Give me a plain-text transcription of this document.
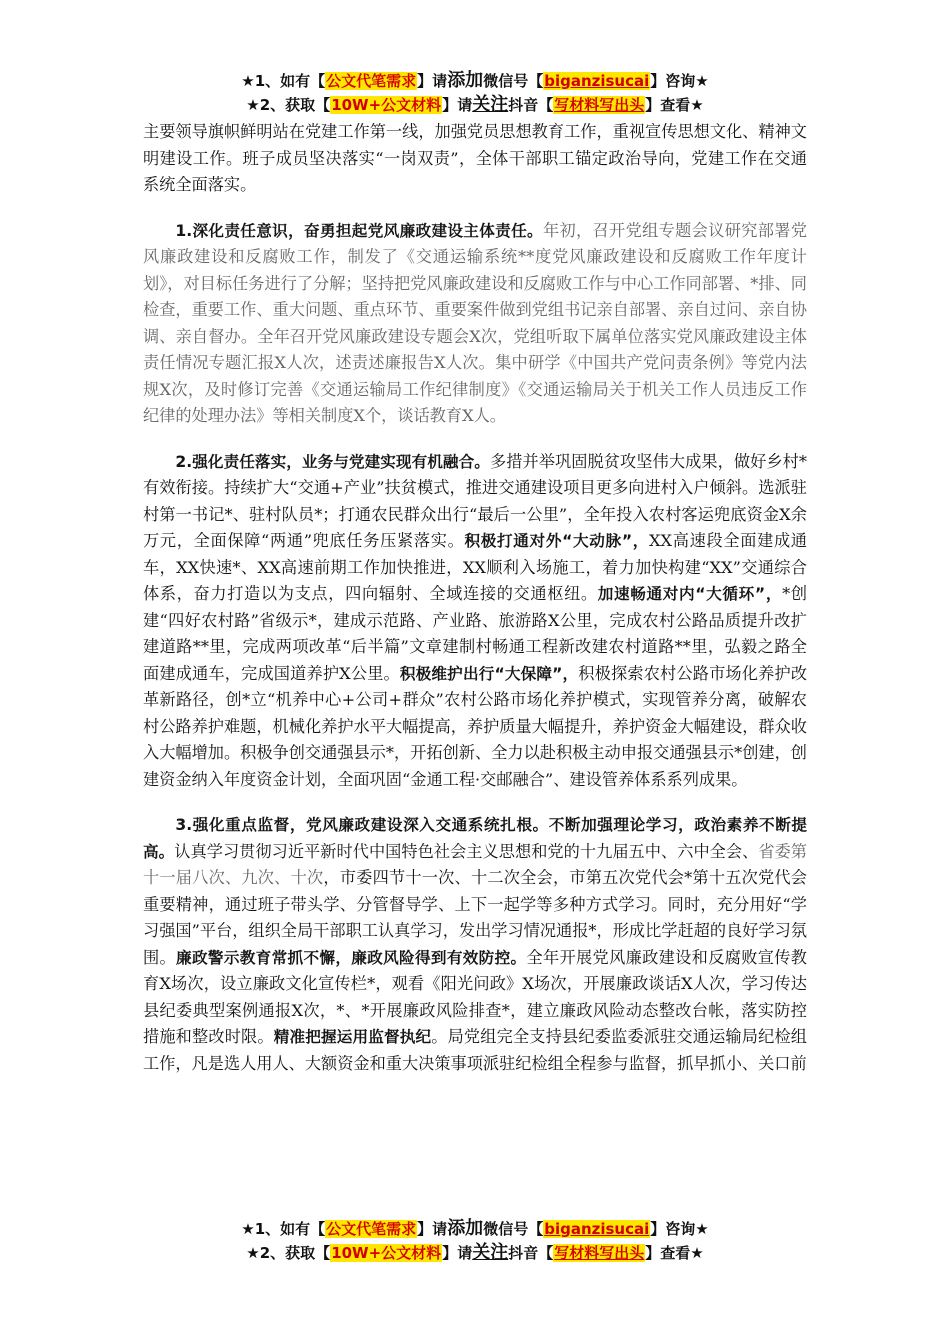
★1、如有【公文代笔需求】请添加微信号【biganzisucai】咨询★
★2、获取【10W+公文材料】请关注抖音【写材料写出头】查看★

主要领导旗帜鲜明站在党建工作第一线，加强党员思想教育工作，重视宣传思想文化、精神文明建设工作。班子成员坚决落实“一岗双责”，全体干部职工锚定政治导向，党建工作在交通系统全面落实。

1.深化责任意识，奋勇担起党风廉政建设主体责任。年初，召开党组专题会议研究部署党风廉政建设和反腐败工作，制发了《交通运输系统**度党风廉政建设和反腐败工作年度计划》，对目标任务进行了分解；坚持把党风廉政建设和反腐败工作与中心工作同部署、*排、同检查，重要工作、重大问题、重点环节、重要案件做到党组书记亲自部署、亲自过问、亲自协调、亲自督办。全年召开党风廉政建设专题会X次，党组听取下属单位落实党风廉政建设主体责任情况专题汇报X人次，述责述廉报告X人次。集中研学《中国共产党问责条例》等党内法规X次，及时修订完善《交通运输局工作纪律制度》《交通运输局关于机关工作人员违反工作纪律的处理办法》等相关制度X个，谈话教育X人。

2.强化责任落实，业务与党建实现有机融合。多措并举巩固脱贫攻坚伟大成果，做好乡村*有效衔接。持续扩大“交通+产业”扶贫模式，推进交通建设项目更多向进村入户倾斜。选派驻村第一书记*、驻村队员*；打通农民群众出行“最后一公里”，全年投入农村客运兜底资金X余万元，全面保障“两通”兜底任务压紧落实。积极打通对外“大动脉”，XX高速段全面建成通车，XX快速*、XX高速前期工作加快推进，XX顺利入场施工，着力加快构建“XX”交通综合体系，奋力打造以为支点，四向辐射、全域连接的交通枢纽。加速畅通对内“大循环”，*创建“四好农村路”省级示*，建成示范路、产业路、旅游路X公里，完成农村公路品质提升改扩建道路**里，完成两项改革“后半篇”文章建制村畅通工程新改建农村道路**里，弘毅之路全面建成通车，完成国道养护X公里。积极维护出行“大保障”，积极探索农村公路市场化养护改革新路径，创*立“机养中心+公司+群众”农村公路市场化养护模式，实现管养分离，破解农村公路养护难题，机械化养护水平大幅提高，养护质量大幅提升，养护资金大幅建设，群众收入大幅增加。积极争创交通强县示*，开拓创新、全力以赴积极主动申报交通强县示*创建，创建资金纳入年度资金计划，全面巩固“金通工程·交邮融合”、建设管养体系系列成果。

3.强化重点监督，党风廉政建设深入交通系统扎根。不断加强理论学习，政治素养不断提高。认真学习贯彻习近平新时代中国特色社会主义思想和党的十九届五中、六中全会、省委第十一届八次、九次、十次，市委四节十一次、十二次全会，市第五次党代会*第十五次党代会重要精神，通过班子带头学、分管督导学、上下一起学等多种方式学习。同时，充分用好“学习强国”平台，组织全局干部职工认真学习，发出学习情况通报*，形成比学赶超的良好学习氛围。廉政警示教育常抓不懈，廉政风险得到有效防控。全年开展党风廉政建设和反腐败宣传教育X场次，设立廉政文化宣传栏*，观看《阳光问政》X场次，开展廉政谈话X人次，学习传达县纪委典型案例通报X次，*、*开展廉政风险排查*，建立廉政风险动态整改台帐，落实防控措施和整改时限。精准把握运用监督执纪。局党组完全支持县纪委监委派驻交通运输局纪检组工作，凡是选人用人、大额资金和重大决策事项派驻纪检组全程参与监督，抓早抓小、关口前

★1、如有【公文代笔需求】请添加微信号【biganzisucai】咨询★
★2、获取【10W+公文材料】请关注抖音【写材料写出头】查看★
